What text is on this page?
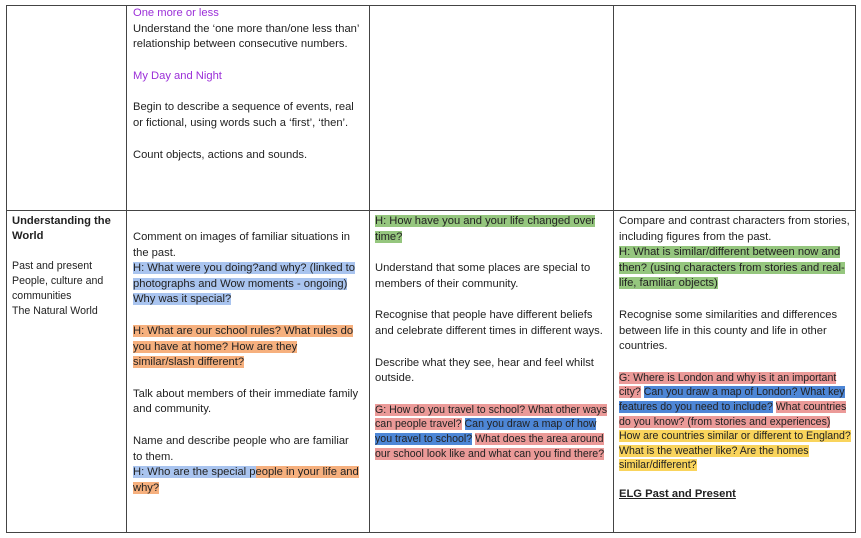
One more or less

Understand the ‘one more than/one less than’ relationship between consecutive numbers.

My Day and Night

Begin to describe a sequence of events, real or fictional, using words such a ‘first’, ‘then’.

Count objects, actions and sounds.

Understanding the World

Past and present

People, culture and communities

The Natural World

Comment on images of familiar situations in the past.

H: What were you doing?and why? (linked to photographs and Wow moments - ongoing) Why was it special?

H: What are our school rules? What rules do you have at home? How are they similar/slash different?

Talk about members of their immediate family and community.

Name and describe people who are familiar to them.

H: Who are the special people in your life and why?

H: How have you and your life changed over time?

Understand that some places are special to members of their community.

Recognise that people have different beliefs and celebrate different times in different ways.

Describe what they see, hear and feel whilst outside.

G: How do you travel to school? What other ways can people travel? Can you draw a map of how you travel to school? What does the area around our school look like and what can you find there?

Compare and contrast characters from stories, including figures from the past.

H: What is similar/different between now and then? (using characters from stories and real-life, familiar objects)

Recognise some similarities and differences between life in this county and life in other countries.

G: Where is London and why is it an important city? Can you draw a map of London? What key features do you need to include? What countries do you know? (from stories and experiences) How are countries similar or different to England? What is the weather like? Are the homes similar/different?

ELG Past and Present
